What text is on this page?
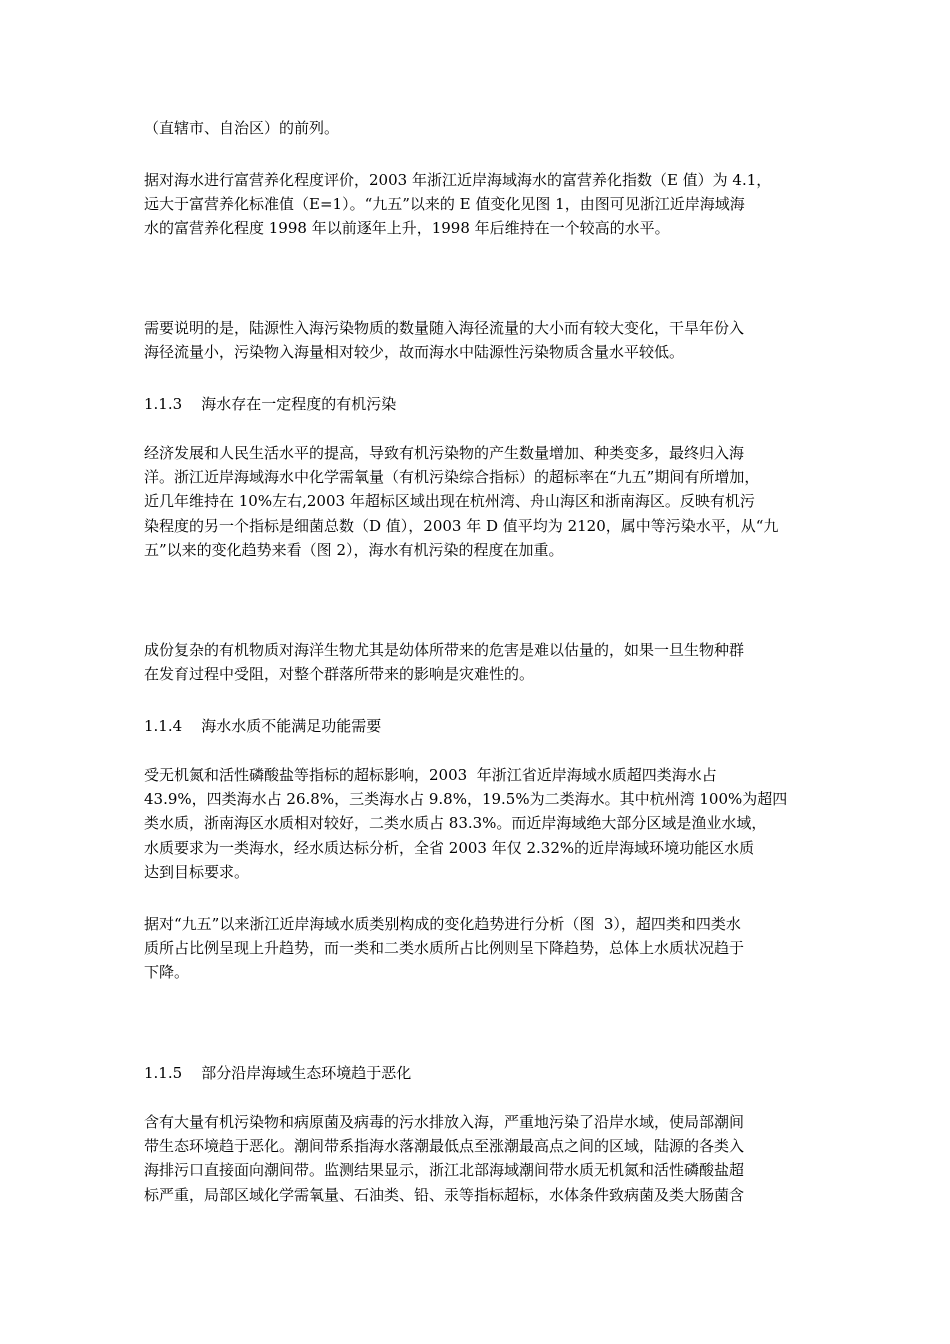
（直辖市、自治区）的前列。
据对海水进行富营养化程度评价，2003 年浙江近岸海域海水的富营养化指数（E 值）为 4.1，
远大于富营养化标准值（E=1）。“九五”以来的 E 值变化见图 1，由图可见浙江近岸海域海
水的富营养化程度 1998 年以前逐年上升，1998 年后维持在一个较高的水平。
需要说明的是，陆源性入海污染物质的数量随入海径流量的大小而有较大变化，干旱年份入
海径流量小，污染物入海量相对较少，故而海水中陆源性污染物质含量水平较低。
1.1.3    海水存在一定程度的有机污染
经济发展和人民生活水平的提高，导致有机污染物的产生数量增加、种类变多，最终归入海
洋。浙江近岸海域海水中化学需氧量（有机污染综合指标）的超标率在“九五”期间有所增加，
近几年维持在 10%左右,2003 年超标区域出现在杭州湾、舟山海区和浙南海区。反映有机污
染程度的另一个指标是细菌总数（D 值），2003 年 D 值平均为 2120，属中等污染水平，从“九
五”以来的变化趋势来看（图 2），海水有机污染的程度在加重。
成份复杂的有机物质对海洋生物尤其是幼体所带来的危害是难以估量的，如果一旦生物种群
在发育过程中受阻，对整个群落所带来的影响是灾难性的。
1.1.4    海水水质不能满足功能需要
受无机氮和活性磷酸盐等指标的超标影响，2003  年浙江省近岸海域水质超四类海水占
43.9%，四类海水占 26.8%，三类海水占 9.8%，19.5%为二类海水。其中杭州湾 100%为超四
类水质，浙南海区水质相对较好，二类水质占 83.3%。而近岸海域绝大部分区域是渔业水域，
水质要求为一类海水，经水质达标分析，全省 2003 年仅 2.32%的近岸海域环境功能区水质
达到目标要求。
据对“九五”以来浙江近岸海域水质类别构成的变化趋势进行分析（图  3），超四类和四类水
质所占比例呈现上升趋势，而一类和二类水质所占比例则呈下降趋势，总体上水质状况趋于
下降。
1.1.5    部分沿岸海域生态环境趋于恶化
含有大量有机污染物和病原菌及病毒的污水排放入海，严重地污染了沿岸水域，使局部潮间
带生态环境趋于恶化。潮间带系指海水落潮最低点至涨潮最高点之间的区域，陆源的各类入
海排污口直接面向潮间带。监测结果显示，浙江北部海域潮间带水质无机氮和活性磷酸盐超
标严重，局部区域化学需氧量、石油类、铅、汞等指标超标，水体条件致病菌及类大肠菌含
